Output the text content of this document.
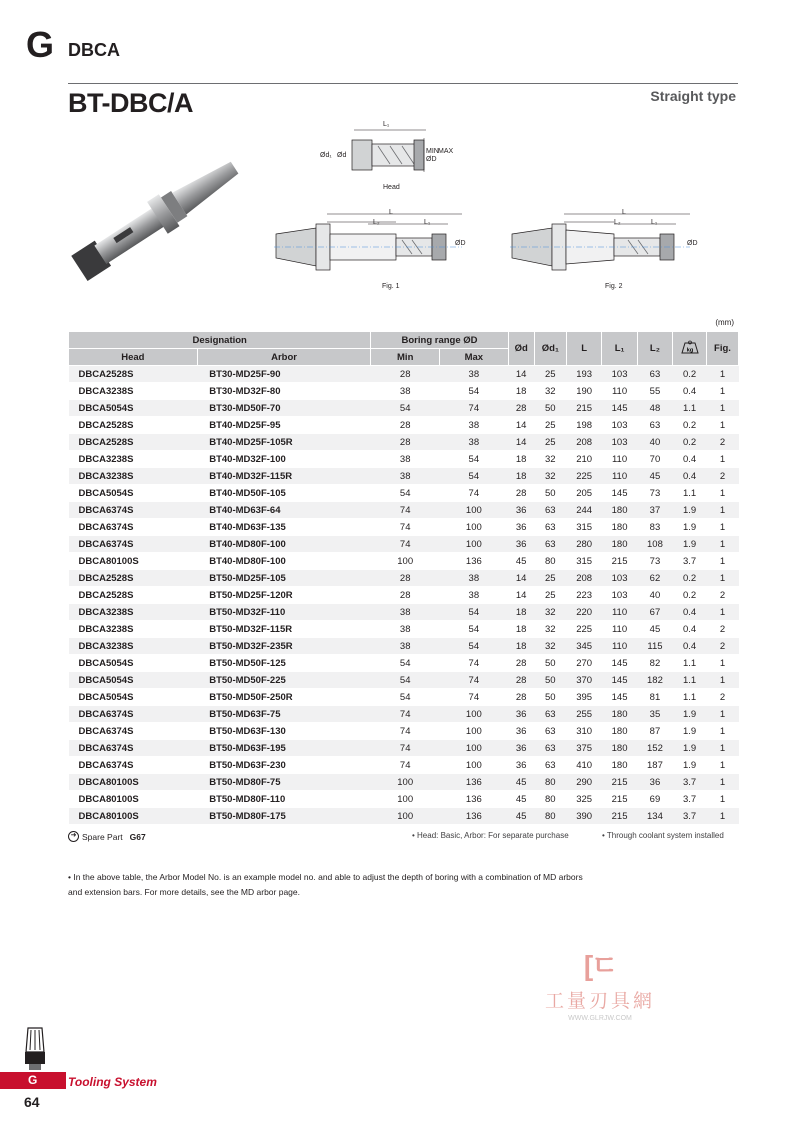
G DBCA
BT-DBC/A	Straight type
L₁
Ød₁ Ød
MIN
ØD
MAX
Head
L
L₂	L₁
ØD
Fig. 1
L
L₂	L₁
ØD
Fig. 2
(mm)
Designation		Boring range ØD		Ød	Ød₁	L	L₁	L₂	kg	Fig.
Head	Arbor	Min	Max							
DBCA2528S	BT30-MD25F-90	28	38	14	25	193	103	63	0.2	1
DBCA3238S	BT30-MD32F-80	38	54	18	32	190	110	55	0.4	1
DBCA5054S	BT30-MD50F-70	54	74	28	50	215	145	48	1.1	1
DBCA2528S	BT40-MD25F-95	28	38	14	25	198	103	63	0.2	1
DBCA2528S	BT40-MD25F-105R	28	38	14	25	208	103	40	0.2	2
DBCA3238S	BT40-MD32F-100	38	54	18	32	210	110	70	0.4	1
DBCA3238S	BT40-MD32F-115R	38	54	18	32	225	110	45	0.4	2
DBCA5054S	BT40-MD50F-105	54	74	28	50	205	145	73	1.1	1
DBCA6374S	BT40-MD63F-64	74	100	36	63	244	180	37	1.9	1
DBCA6374S	BT40-MD63F-135	74	100	36	63	315	180	83	1.9	1
DBCA6374S	BT40-MD80F-100	74	100	36	63	280	180	108	1.9	1
DBCA80100S	BT40-MD80F-100	100	136	45	80	315	215	73	3.7	1
DBCA2528S	BT50-MD25F-105	28	38	14	25	208	103	62	0.2	1
DBCA2528S	BT50-MD25F-120R	28	38	14	25	223	103	40	0.2	2
DBCA3238S	BT50-MD32F-110	38	54	18	32	220	110	67	0.4	1
DBCA3238S	BT50-MD32F-115R	38	54	18	32	225	110	45	0.4	2
DBCA3238S	BT50-MD32F-235R	38	54	18	32	345	110	115	0.4	2
DBCA5054S	BT50-MD50F-125	54	74	28	50	270	145	82	1.1	1
DBCA5054S	BT50-MD50F-225	54	74	28	50	370	145	182	1.1	1
DBCA5054S	BT50-MD50F-250R	54	74	28	50	395	145	81	1.1	2
DBCA6374S	BT50-MD63F-75	74	100	36	63	255	180	35	1.9	1
DBCA6374S	BT50-MD63F-130	74	100	36	63	310	180	87	1.9	1
DBCA6374S	BT50-MD63F-195	74	100	36	63	375	180	152	1.9	1
DBCA6374S	BT50-MD63F-230	74	100	36	63	410	180	187	1.9	1
DBCA80100S	BT50-MD80F-75	100	136	45	80	290	215	36	3.7	1
DBCA80100S	BT50-MD80F-110	100	136	45	80	325	215	69	3.7	1
DBCA80100S	BT50-MD80F-175	100	136	45	80	390	215	134	3.7	1
➜ Spare Part G67	• Head: Basic, Arbor: For separate purchase	• Through coolant system installed
• In the above table, the Arbor Model No. is an example model no. and able to adjust the depth of boring with a combination of MD arbors and extension bars. For more details, see the MD arbor page.
[ㄷ
工量刃具網
WWW.GLRJW.COM
G	Tooling System
64
